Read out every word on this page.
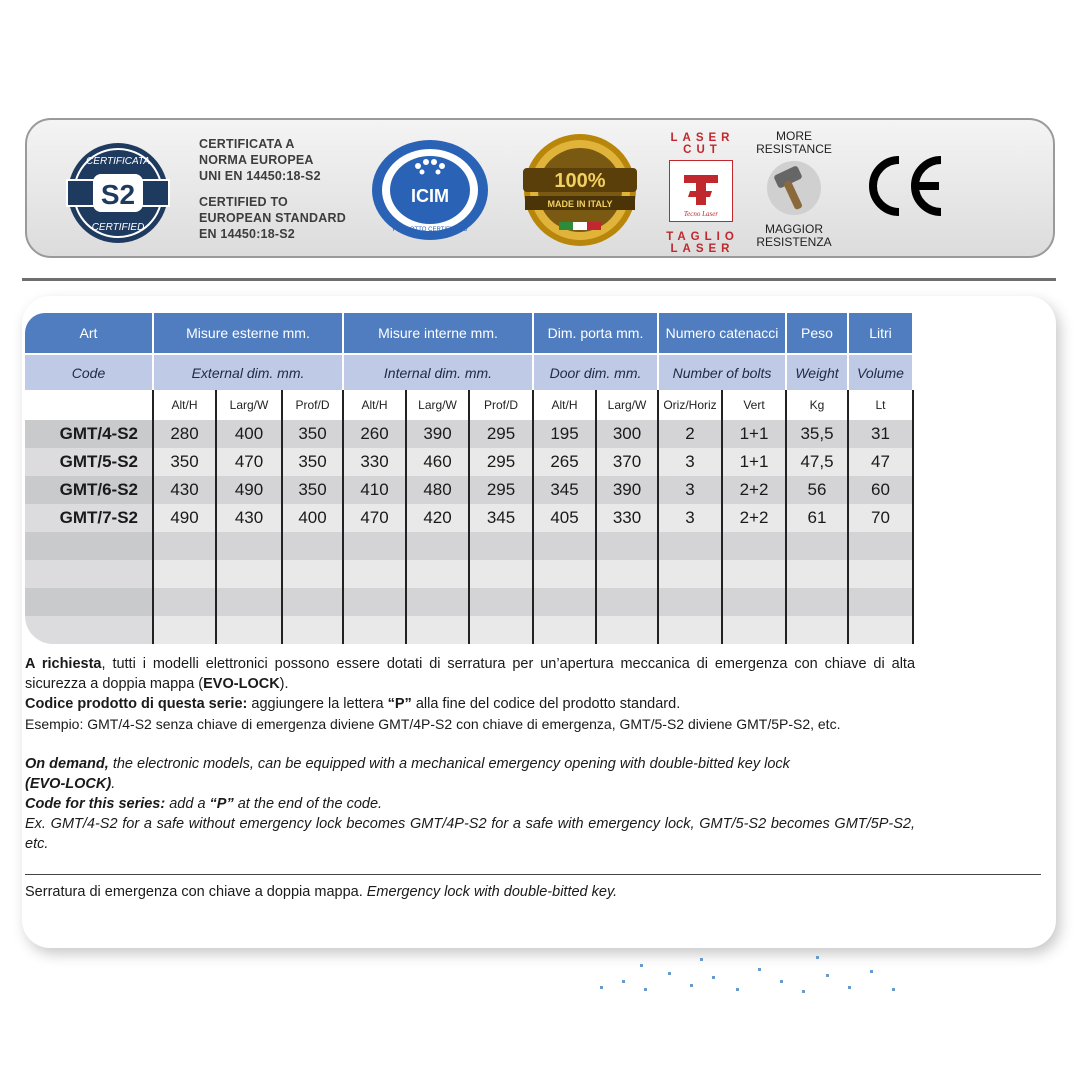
S2
CERTIFICATA
CERTIFIED
CERTIFICATA A
NORMA EUROPEA
UNI EN 14450:18-S2
CERTIFIED TO
EUROPEAN STANDARD
EN 14450:18-S2
ICIM
PRODOTTO CERTIFICATO
100%
MADE IN ITALY
LASER
CUT
Tecno Laser
TAGLIO
LASER
MORE
RESISTANCE
MAGGIOR
RESISTENZA
Art	Misure esterne mm.			Misure interne mm.			Dim. porta mm.		Numero catenacci		Peso	Litri
Code	External dim. mm.			Internal dim. mm.			Door dim. mm.		Number of bolts		Weight	Volume
	Alt/H	Larg/W	Prof/D	Alt/H	Larg/W	Prof/D	Alt/H	Larg/W	Oriz/Horiz	Vert	Kg	Lt
GMT/4-S2	280	400	350	260	390	295	195	300	2	1+1	35,5	31
GMT/5-S2	350	470	350	330	460	295	265	370	3	1+1	47,5	47
GMT/6-S2	430	490	350	410	480	295	345	390	3	2+2	56	60
GMT/7-S2	490	430	400	470	420	345	405	330	3	2+2	61	70

A richiesta, tutti i modelli elettronici possono essere dotati di serratura per un’apertura meccanica di emergenza con chiave di alta sicurezza a doppia mappa (EVO-LOCK).

Codice prodotto di questa serie: aggiungere la lettera “P” alla fine del codice del prodotto standard.

Esempio: GMT/4-S2 senza chiave di emergenza diviene GMT/4P-S2 con chiave di emergenza, GMT/5-S2 diviene GMT/5P-S2, etc.

On demand, the electronic models, can be equipped with a mechanical emergency opening with double-bitted key lock
(EVO-LOCK).

Code for this series: add a “P” at the end of the code.

Ex. GMT/4-S2 for a safe without emergency lock becomes GMT/4P-S2 for a safe with emergency lock, GMT/5-S2 becomes GMT/5P-S2, etc.

Serratura di emergenza con chiave a doppia mappa. Emergency lock with double-bitted key.
